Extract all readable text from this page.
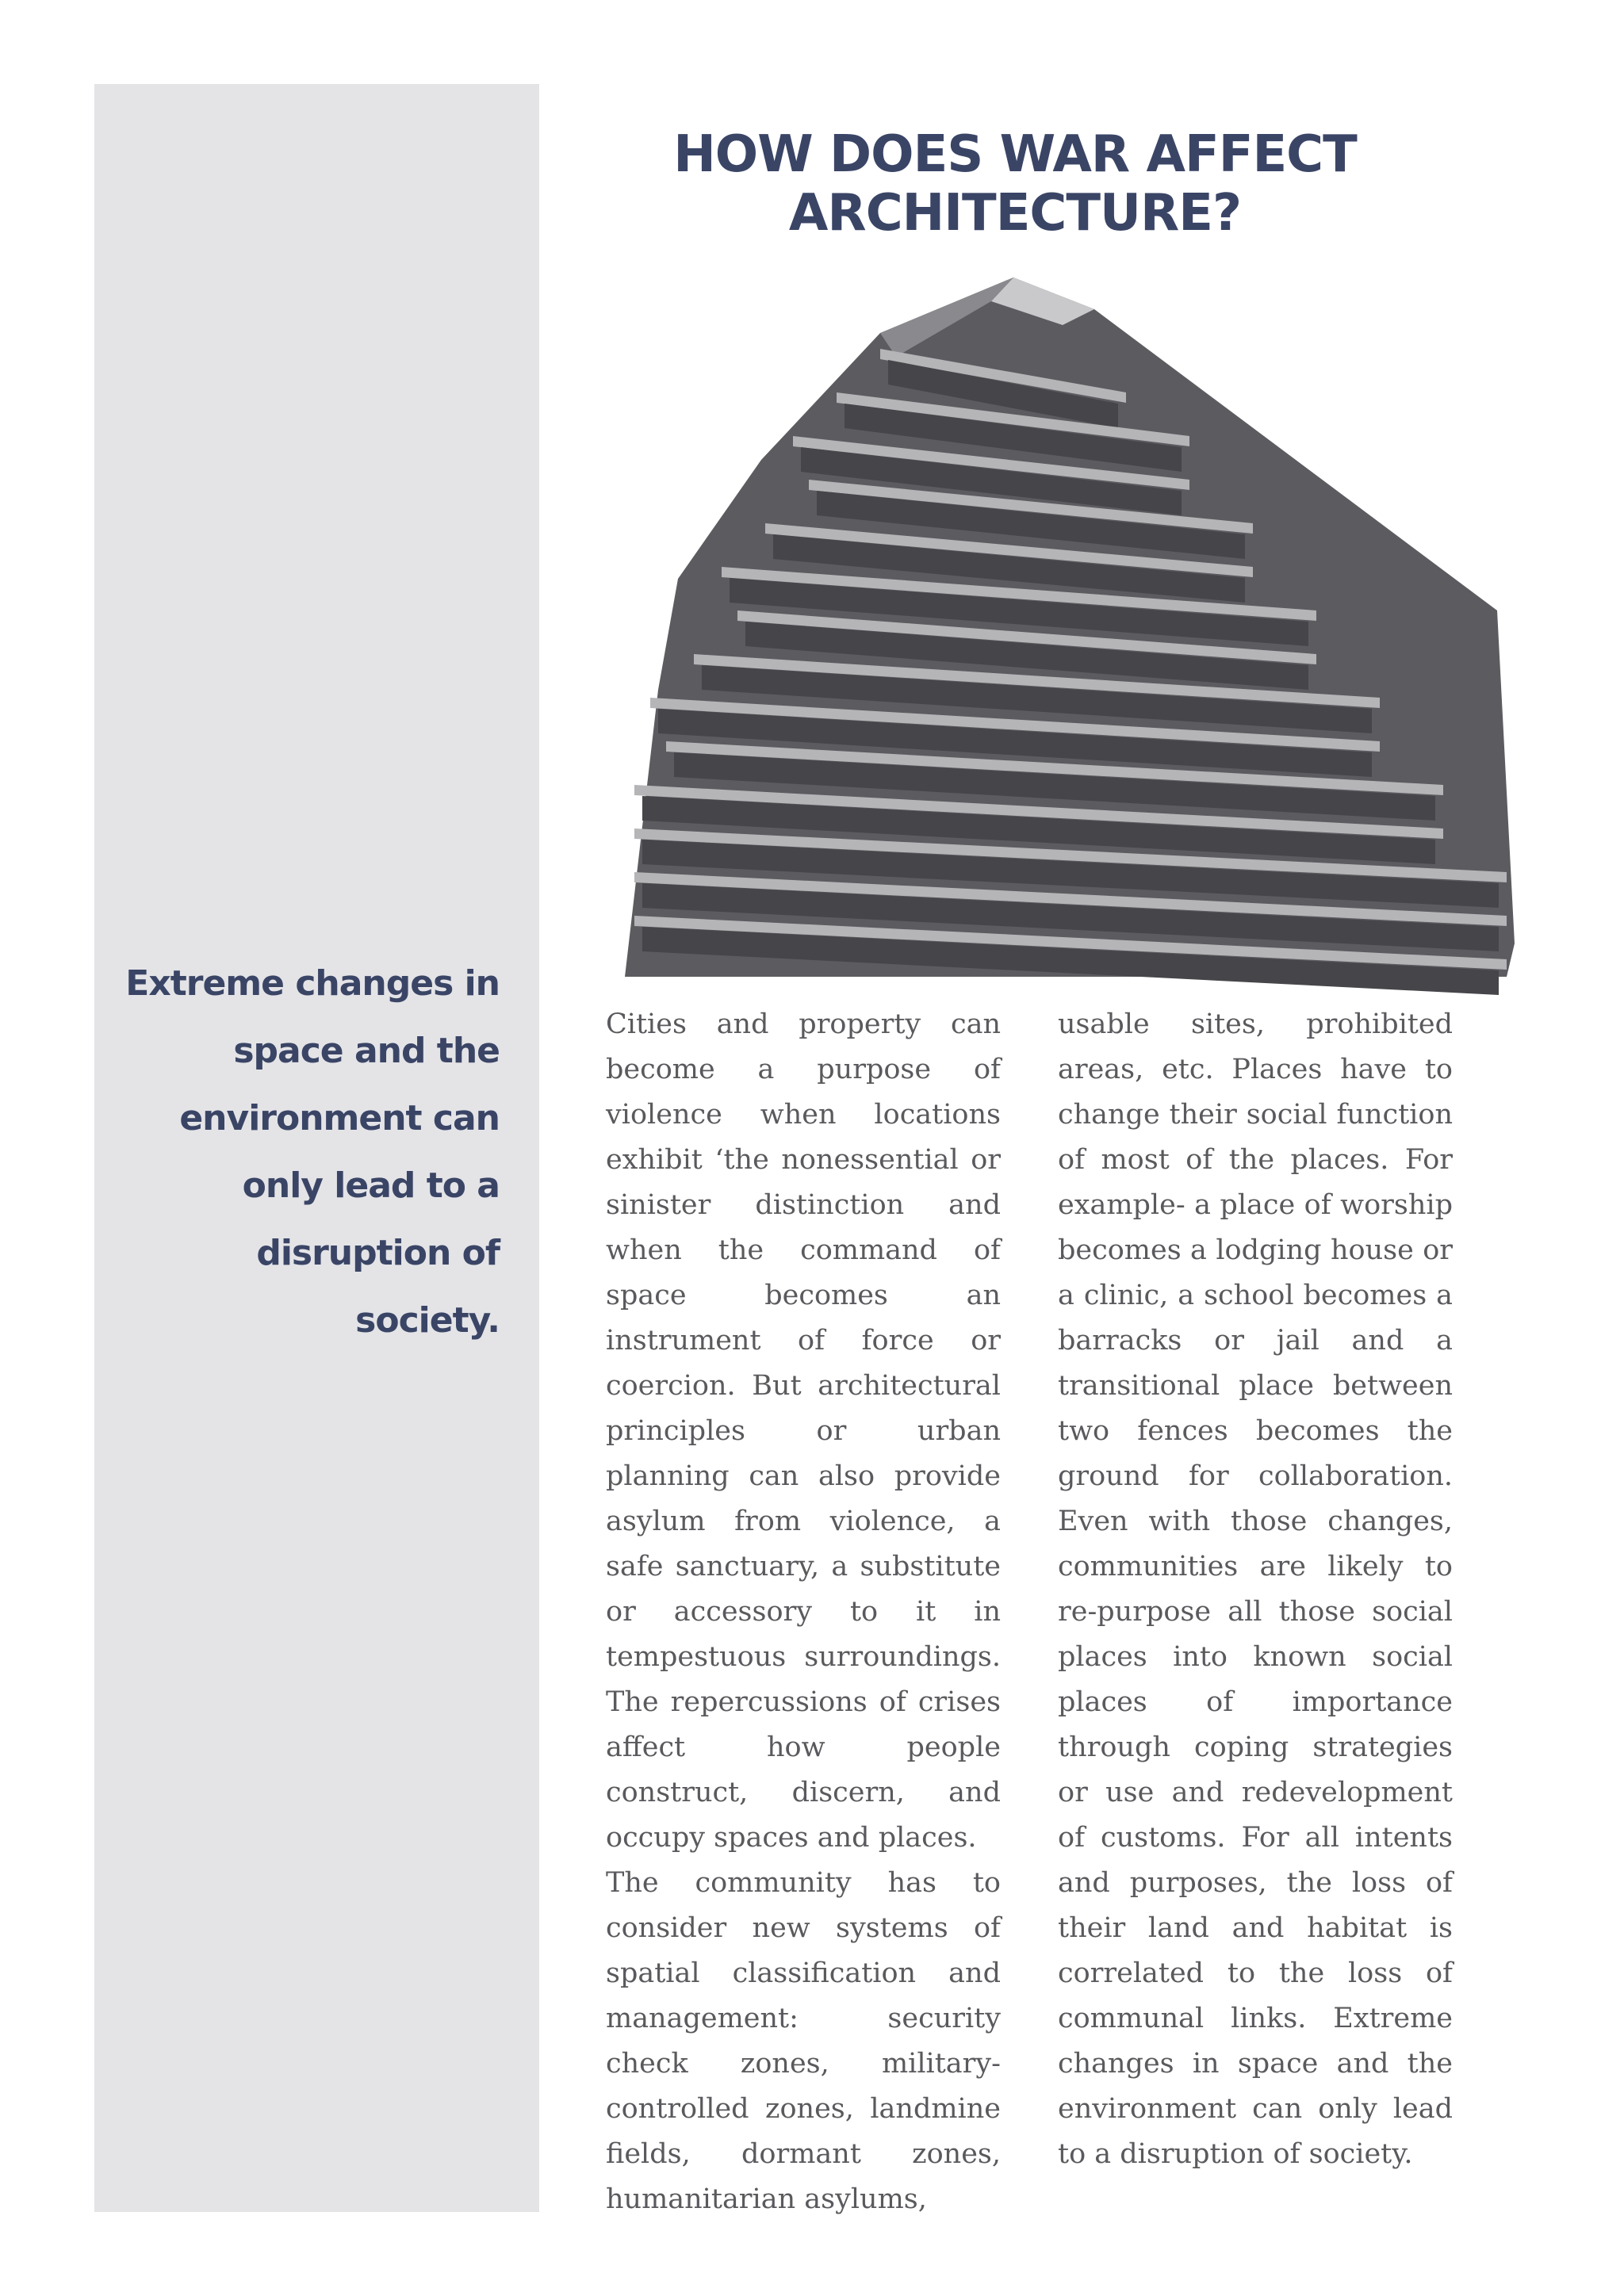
Extreme changes in space and the environment can only lead to a disruption of society.

HOW DOES WAR AFFECT ARCHITECTURE?

Cities and property can become a purpose of violence when locations exhibit ‘the nonessential or sinister distinction and when the command of space becomes an instrument of force or coercion. But architectural principles or urban planning can also provide asylum from violence, a safe sanctuary, a substitute or accessory to it in tempestuous surroundings. The repercussions of crises affect how people construct, discern, and occupy spaces and places.

The community has to consider new systems of spatial classification and management: security check zones, military-controlled zones, landmine fields, dormant zones, humanitarian asylums,

usable sites, prohibited areas, etc. Places have to change their social function of most of the places. For example- a place of worship becomes a lodging house or a clinic, a school becomes a barracks or jail and a transitional place between two fences becomes the ground for collaboration. Even with those changes, communities are likely to re-purpose all those social places into known social places of importance through coping strategies or use and redevelopment of customs. For all intents and purposes, the loss of their land and habitat is correlated to the loss of communal links. Extreme changes in space and the environment can only lead to a disruption of society.
